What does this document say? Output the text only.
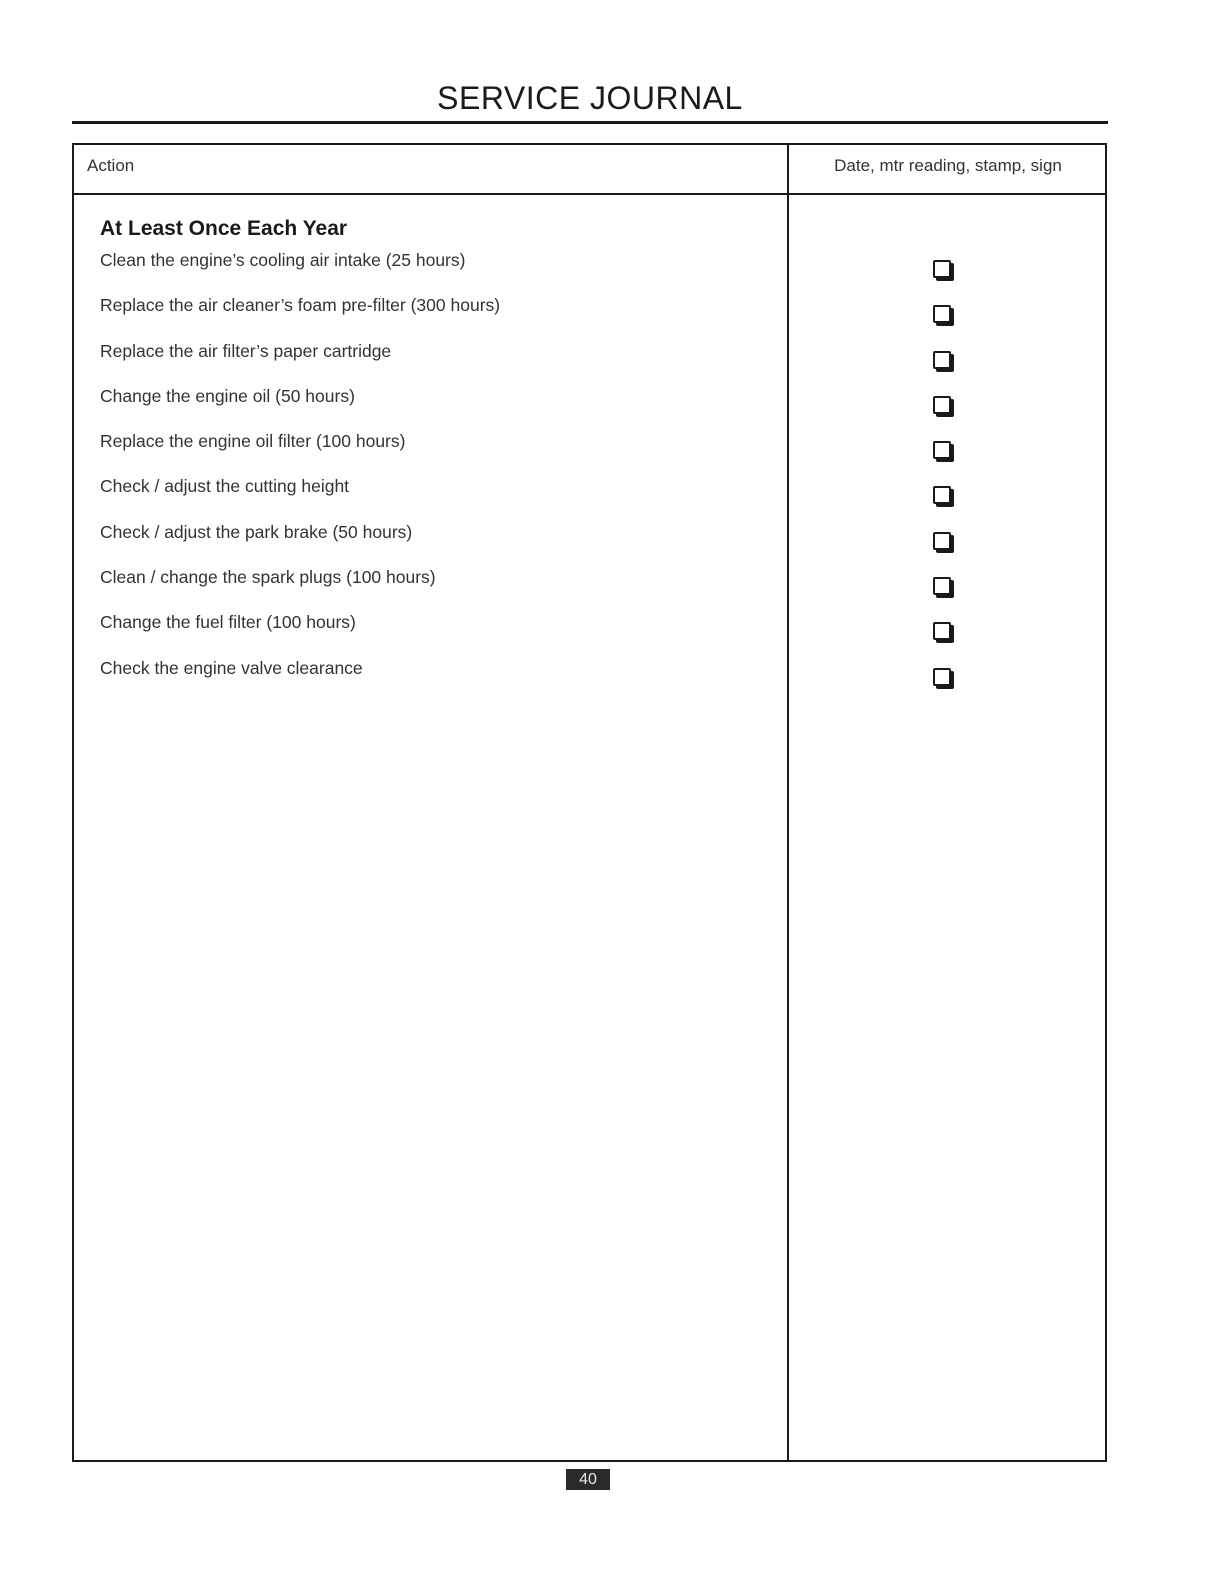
SERVICE JOURNAL
Action	Date, mtr reading, stamp, sign
At Least Once Each Year
Clean the engine’s cooling air intake (25 hours)
Replace the air cleaner’s foam pre-filter (300 hours)
Replace the air filter’s paper cartridge
Change the engine oil (50 hours)
Replace the engine oil filter (100 hours)
Check / adjust the cutting height
Check / adjust the park brake (50 hours)
Clean / change the spark plugs (100 hours)
Change the fuel filter (100 hours)
Check the engine valve clearance
40
